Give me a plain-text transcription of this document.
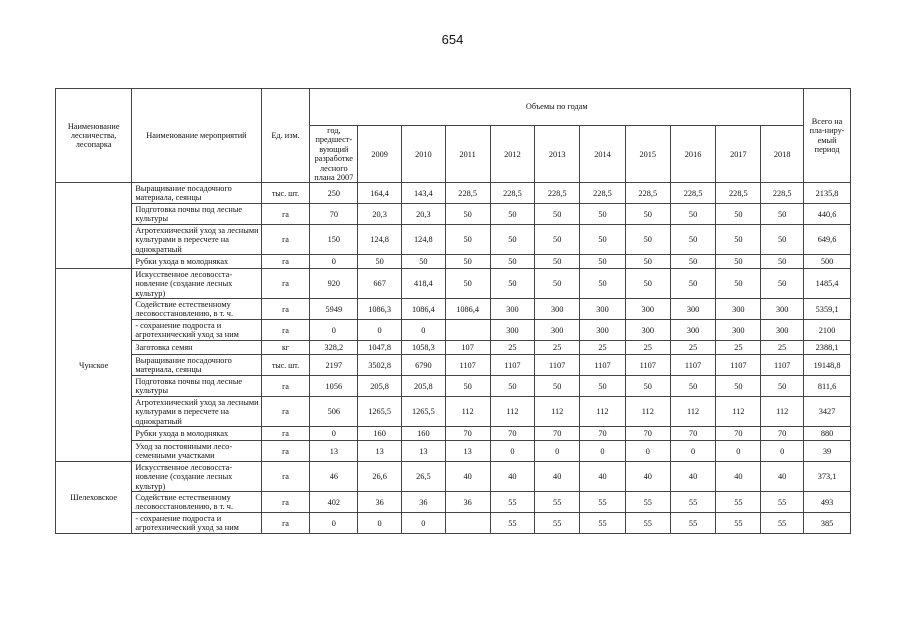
654
Наименование лесничества, лесопарка	Наименование мероприятий	Ед. изм.	Объемы по годам											Всего на пла-ниру-емый период
			год, предшест-вующий разработке лесного плана 2007	2009	2010	2011	2012	2013	2014	2015	2016	2017	2018	
	Выращивание посадочного материала, сеянцы	тыс. шт.	250	164,4	143,4	228,5	228,5	228,5	228,5	228,5	228,5	228,5	228,5	2135,8
	Подготовка почвы под лесные культуры	га	70	20,3	20,3	50	50	50	50	50	50	50	50	440,6
	Агротехнический уход за лесными культурами в пересчете на однократный	га	150	124,8	124,8	50	50	50	50	50	50	50	50	649,6
	Рубки ухода в молодняках	га	0	50	50	50	50	50	50	50	50	50	50	500
Чунское	Искусственное лесовосста-новление (создание лесных культур)	га	920	667	418,4	50	50	50	50	50	50	50	50	1485,4
	Содействие естественному лесовосстановлению, в т. ч.	га	5949	1086,3	1086,4	1086,4	300	300	300	300	300	300	300	5359,1
	- сохранение подроста и агротехнический уход за ним	га	0	0	0		300	300	300	300	300	300	300	2100
	Заготовка семян	кг	328,2	1047,8	1058,3	107	25	25	25	25	25	25	25	2388,1
	Выращивание посадочного материала, сеянцы	тыс. шт.	2197	3502,8	6790	1107	1107	1107	1107	1107	1107	1107	1107	19148,8
	Подготовка почвы под лесные культуры	га	1056	205,8	205,8	50	50	50	50	50	50	50	50	811,6
	Агротехнический уход за лесными культурами в пересчете на однократный	га	506	1265,5	1265,5	112	112	112	112	112	112	112	112	3427
	Рубки ухода в молодняках	га	0	160	160	70	70	70	70	70	70	70	70	880
	Уход за постоянными лесо-семенными участками	га	13	13	13	13	0	0	0	0	0	0	0	39
Шелеховское	Искусственное лесовосста-новление (создание лесных культур)	га	46	26,6	26,5	40	40	40	40	40	40	40	40	373,1
	Содействие естественному лесовосстановлению, в т. ч.	га	402	36	36	36	55	55	55	55	55	55	55	493
	- сохранение подроста и агротехнический уход за ним	га	0	0	0		55	55	55	55	55	55	55	385
